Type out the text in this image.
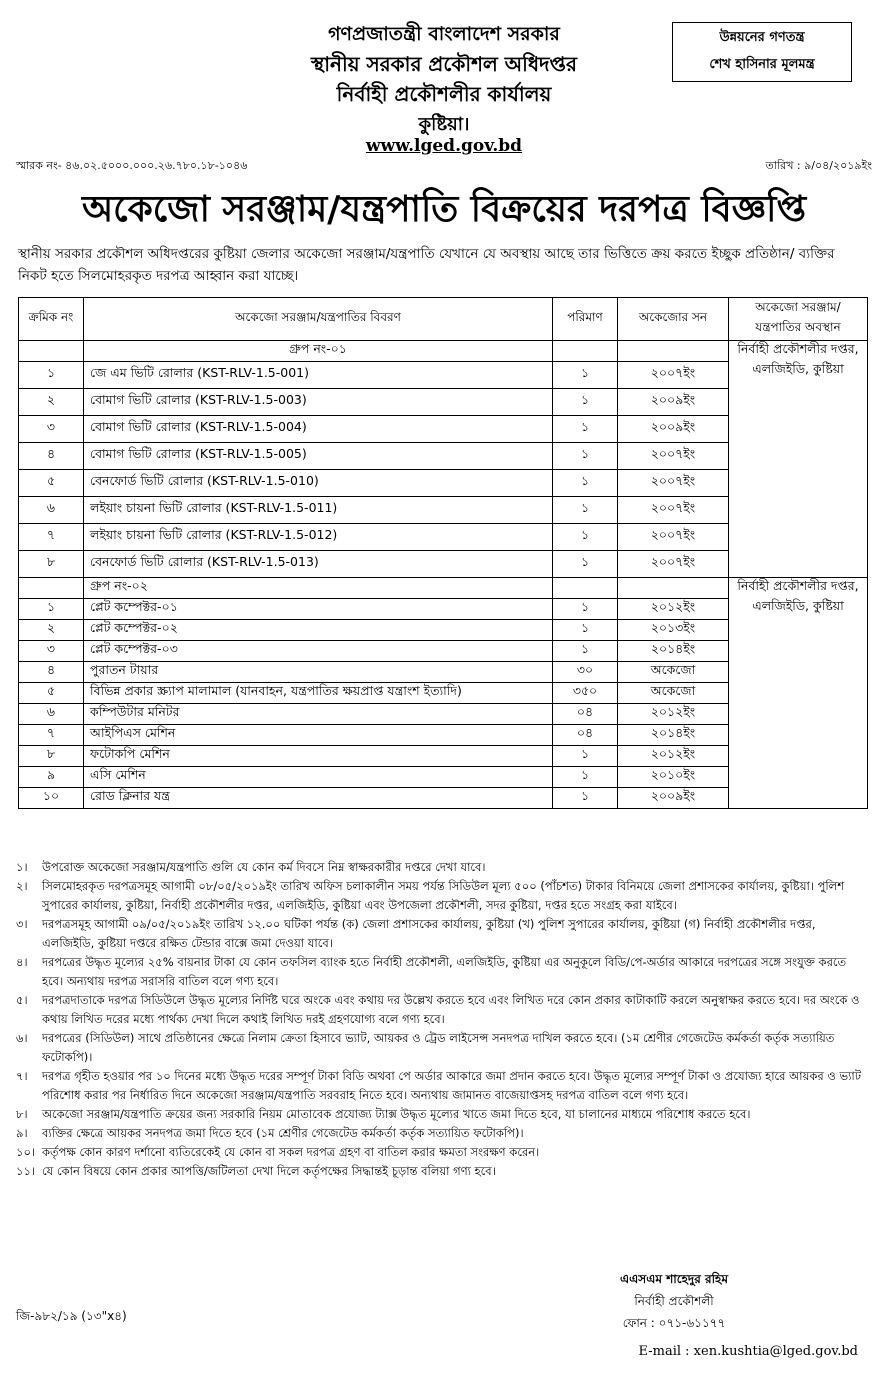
গণপ্রজাতন্ত্রী বাংলাদেশ সরকার
স্থানীয় সরকার প্রকৌশল অধিদপ্তর
নির্বাহী প্রকৌশলীর কার্যালয়
কুষ্টিয়া।
www.lged.gov.bd
উন্নয়নের গণতন্ত্র
শেখ হাসিনার মূলমন্ত্র
স্মারক নং- ৪৬.০২.৫০০০.০০০.২৬.৭৮০.১৮-১০৪৬	তারিখ : ৯/০৪/২০১৯ইং
অকেজো সরঞ্জাম/যন্ত্রপাতি বিক্রয়ের দরপত্র বিজ্ঞপ্তি
স্থানীয় সরকার প্রকৌশল অধিদপ্তরের কুষ্টিয়া জেলার অকেজো সরঞ্জাম/যন্ত্রপাতি যেখানে যে অবস্থায় আছে তার ভিত্তিতে ক্রয় করতে ইচ্ছুক প্রতিষ্ঠান/ ব্যক্তির নিকট হতে সিলমোহরকৃত দরপত্র আহ্বান করা যাচ্ছে।
ক্রমিক নং	অকেজো সরঞ্জাম/যন্ত্রপাতির বিবরণ	পরিমাণ	অকেজোর সন	অকেজো সরঞ্জাম/ যন্ত্রপাতির অবস্থান
	গ্রুপ নং-০১			নির্বাহী প্রকৌশলীর দপ্তর, এলজিইডি, কুষ্টিয়া
১	জে এম ভিটি রোলার (KST-RLV-1.5-001)	১	২০০৭ইং	
২	বোমাগ ভিটি রোলার (KST-RLV-1.5-003)	১	২০০৯ইং	
৩	বোমাগ ভিটি রোলার (KST-RLV-1.5-004)	১	২০০৯ইং	
৪	বোমাগ ভিটি রোলার (KST-RLV-1.5-005)	১	২০০৭ইং	
৫	বেনফোর্ড ভিটি রোলার (KST-RLV-1.5-010)	১	২০০৭ইং	
৬	লইয়াং চায়না ভিটি রোলার (KST-RLV-1.5-011)	১	২০০৭ইং	
৭	লইয়াং চায়না ভিটি রোলার (KST-RLV-1.5-012)	১	২০০৭ইং	
৮	বেনফোর্ড ভিটি রোলার (KST-RLV-1.5-013)	১	২০০৭ইং	
	গ্রুপ নং-০২			নির্বাহী প্রকৌশলীর দপ্তর, এলজিইডি, কুষ্টিয়া
১	প্লেট কম্পেক্টর-০১	১	২০১২ইং	
২	প্লেট কম্পেক্টর-০২	১	২০১৩ইং	
৩	প্লেট কম্পেক্টর-০৩	১	২০১৪ইং	
৪	পুরাতন টায়ার	৩০	অকেজো	
৫	বিভিন্ন প্রকার স্ক্র্যাপ মালামাল (যানবাহন, যন্ত্রপাতির ক্ষয়প্রাপ্ত যন্ত্রাংশ ইত্যাদি)	৩৫০	অকেজো	
৬	কম্পিউটার মনিটর	০৪	২০১২ইং	
৭	আইপিএস মেশিন	০৪	২০১৪ইং	
৮	ফটোকপি মেশিন	১	২০১২ইং	
৯	এসি মেশিন	১	২০১০ইং	
১০	রোড ক্লিনার যন্ত্র	১	২০০৯ইং	
১।	উপরোক্ত অকেজো সরঞ্জাম/যন্ত্রপাতি গুলি যে কোন কর্ম দিবসে নিম্ন স্বাক্ষরকারীর দপ্তরে দেখা যাবে।
২।	সিলমোহরকৃত দরপত্রসমূহ আগামী ০৮/০৫/২০১৯ইং তারিখ অফিস চলাকালীন সময় পর্যন্ত সিডিউল মূল্য ৫০০ (পাঁচশত) টাকার বিনিময়ে জেলা প্রশাসকের কার্যালয়, কুষ্টিয়া। পুলিশ সুপারের কার্যালয়, কুষ্টিয়া, নির্বাহী প্রকৌশলীর দপ্তর, এলজিইডি, কুষ্টিয়া এবং উপজেলা প্রকৌশলী, সদর কুষ্টিয়া, দপ্তর হতে সংগ্রহ করা যাইবে।
৩।	দরপত্রসমূহ আগামী ০৯/০৫/২০১৯ইং তারিখ ১২.০০ ঘটিকা পর্যন্ত (ক) জেলা প্রশাসকের কার্যালয়, কুষ্টিয়া (খ) পুলিশ সুপারের কার্যালয়, কুষ্টিয়া (গ) নির্বাহী প্রকৌশলীর দপ্তর, এলজিইডি, কুষ্টিয়া দপ্তরে রক্ষিত টেন্ডার বাক্সে জমা দেওয়া যাবে।
৪।	দরপত্রের উদ্ধৃত মূল্যের ২৫% বায়নার টাকা যে কোন তফসিল ব্যাংক হতে নির্বাহী প্রকৌশলী, এলজিইডি, কুষ্টিয়া এর অনুকূলে বিডি/পে-অর্ডার আকারে দরপত্রের সঙ্গে সংযুক্ত করতে হবে। অন্যথায় দরপত্র সরাসরি বাতিল বলে গণ্য হবে।
৫।	দরপত্রদাতাকে দরপত্র সিডিউলে উদ্ধৃত মূল্যের নির্দিষ্ট ঘরে অংকে এবং কথায় দর উল্লেখ করতে হবে এবং লিখিত দরে কোন প্রকার কাটাকাটি করলে অনুস্বাক্ষর করতে হবে। দর অংকে ও কথায় লিখিত দরের মধ্যে পার্থক্য দেখা দিলে কথাই লিখিত দরই গ্রহণযোগ্য বলে গণ্য হবে।
৬।	দরপত্রের (সিডিউল) সাথে প্রতিষ্ঠানের ক্ষেত্রে নিলাম ক্রেতা হিসাবে ভ্যাট, আয়কর ও ট্রেড লাইসেন্স সনদপত্র দাখিল করতে হবে। (১ম শ্রেণীর গেজেটেড কর্মকর্তা কর্তৃক সত্যায়িত ফটোকপি)।
৭।	দরপত্র গৃহীত হওয়ার পর ১০ দিনের মধ্যে উদ্ধৃত দরের সম্পূর্ণ টাকা বিডি অথবা পে অর্ডার আকারে জমা প্রদান করতে হবে। উদ্ধৃত মূল্যের সম্পূর্ণ টাকা ও প্রযোজ্য হারে আয়কর ও ভ্যাট পরিশোধ করার পর নির্ধারিত দিনে অকেজো সরঞ্জাম/যন্ত্রপাতি সরবরাহ নিতে হবে। অন্যথায় জামানত বাজেয়াপ্তসহ দরপত্র বাতিল বলে গণ্য হবে।
৮।	অকেজো সরঞ্জাম/যন্ত্রপাতি ক্রয়ের জন্য সরকারি নিয়ম মোতাবেক প্রযোজ্য ট্যাক্স উদ্ধৃত মূল্যের খাতে জমা দিতে হবে, যা চালানের মাধ্যমে পরিশোধ করতে হবে।
৯।	ব্যক্তির ক্ষেত্রে আয়কর সনদপত্র জমা দিতে হবে (১ম শ্রেণীর গেজেটেড কর্মকর্তা কর্তৃক সত্যায়িত ফটোকপি)।
১০। কর্তৃপক্ষ কোন কারণ দর্শানো ব্যতিরেকেই যে কোন বা সকল দরপত্র গ্রহণ বা বাতিল করার ক্ষমতা সংরক্ষণ করেন।
১১। যে কোন বিষয়ে কোন প্রকার আপত্তি/জটিলতা দেখা দিলে কর্তৃপক্ষের সিদ্ধান্তই চূড়ান্ত বলিয়া গণ্য হবে।
এএসএম শাহেদুর রহিম
নির্বাহী প্রকৌশলী
ফোন : ০৭১-৬১১৭৭
জি-৯৮২/১৯ (১৩"x৪)
E-mail : xen.kushtia@lged.gov.bd
